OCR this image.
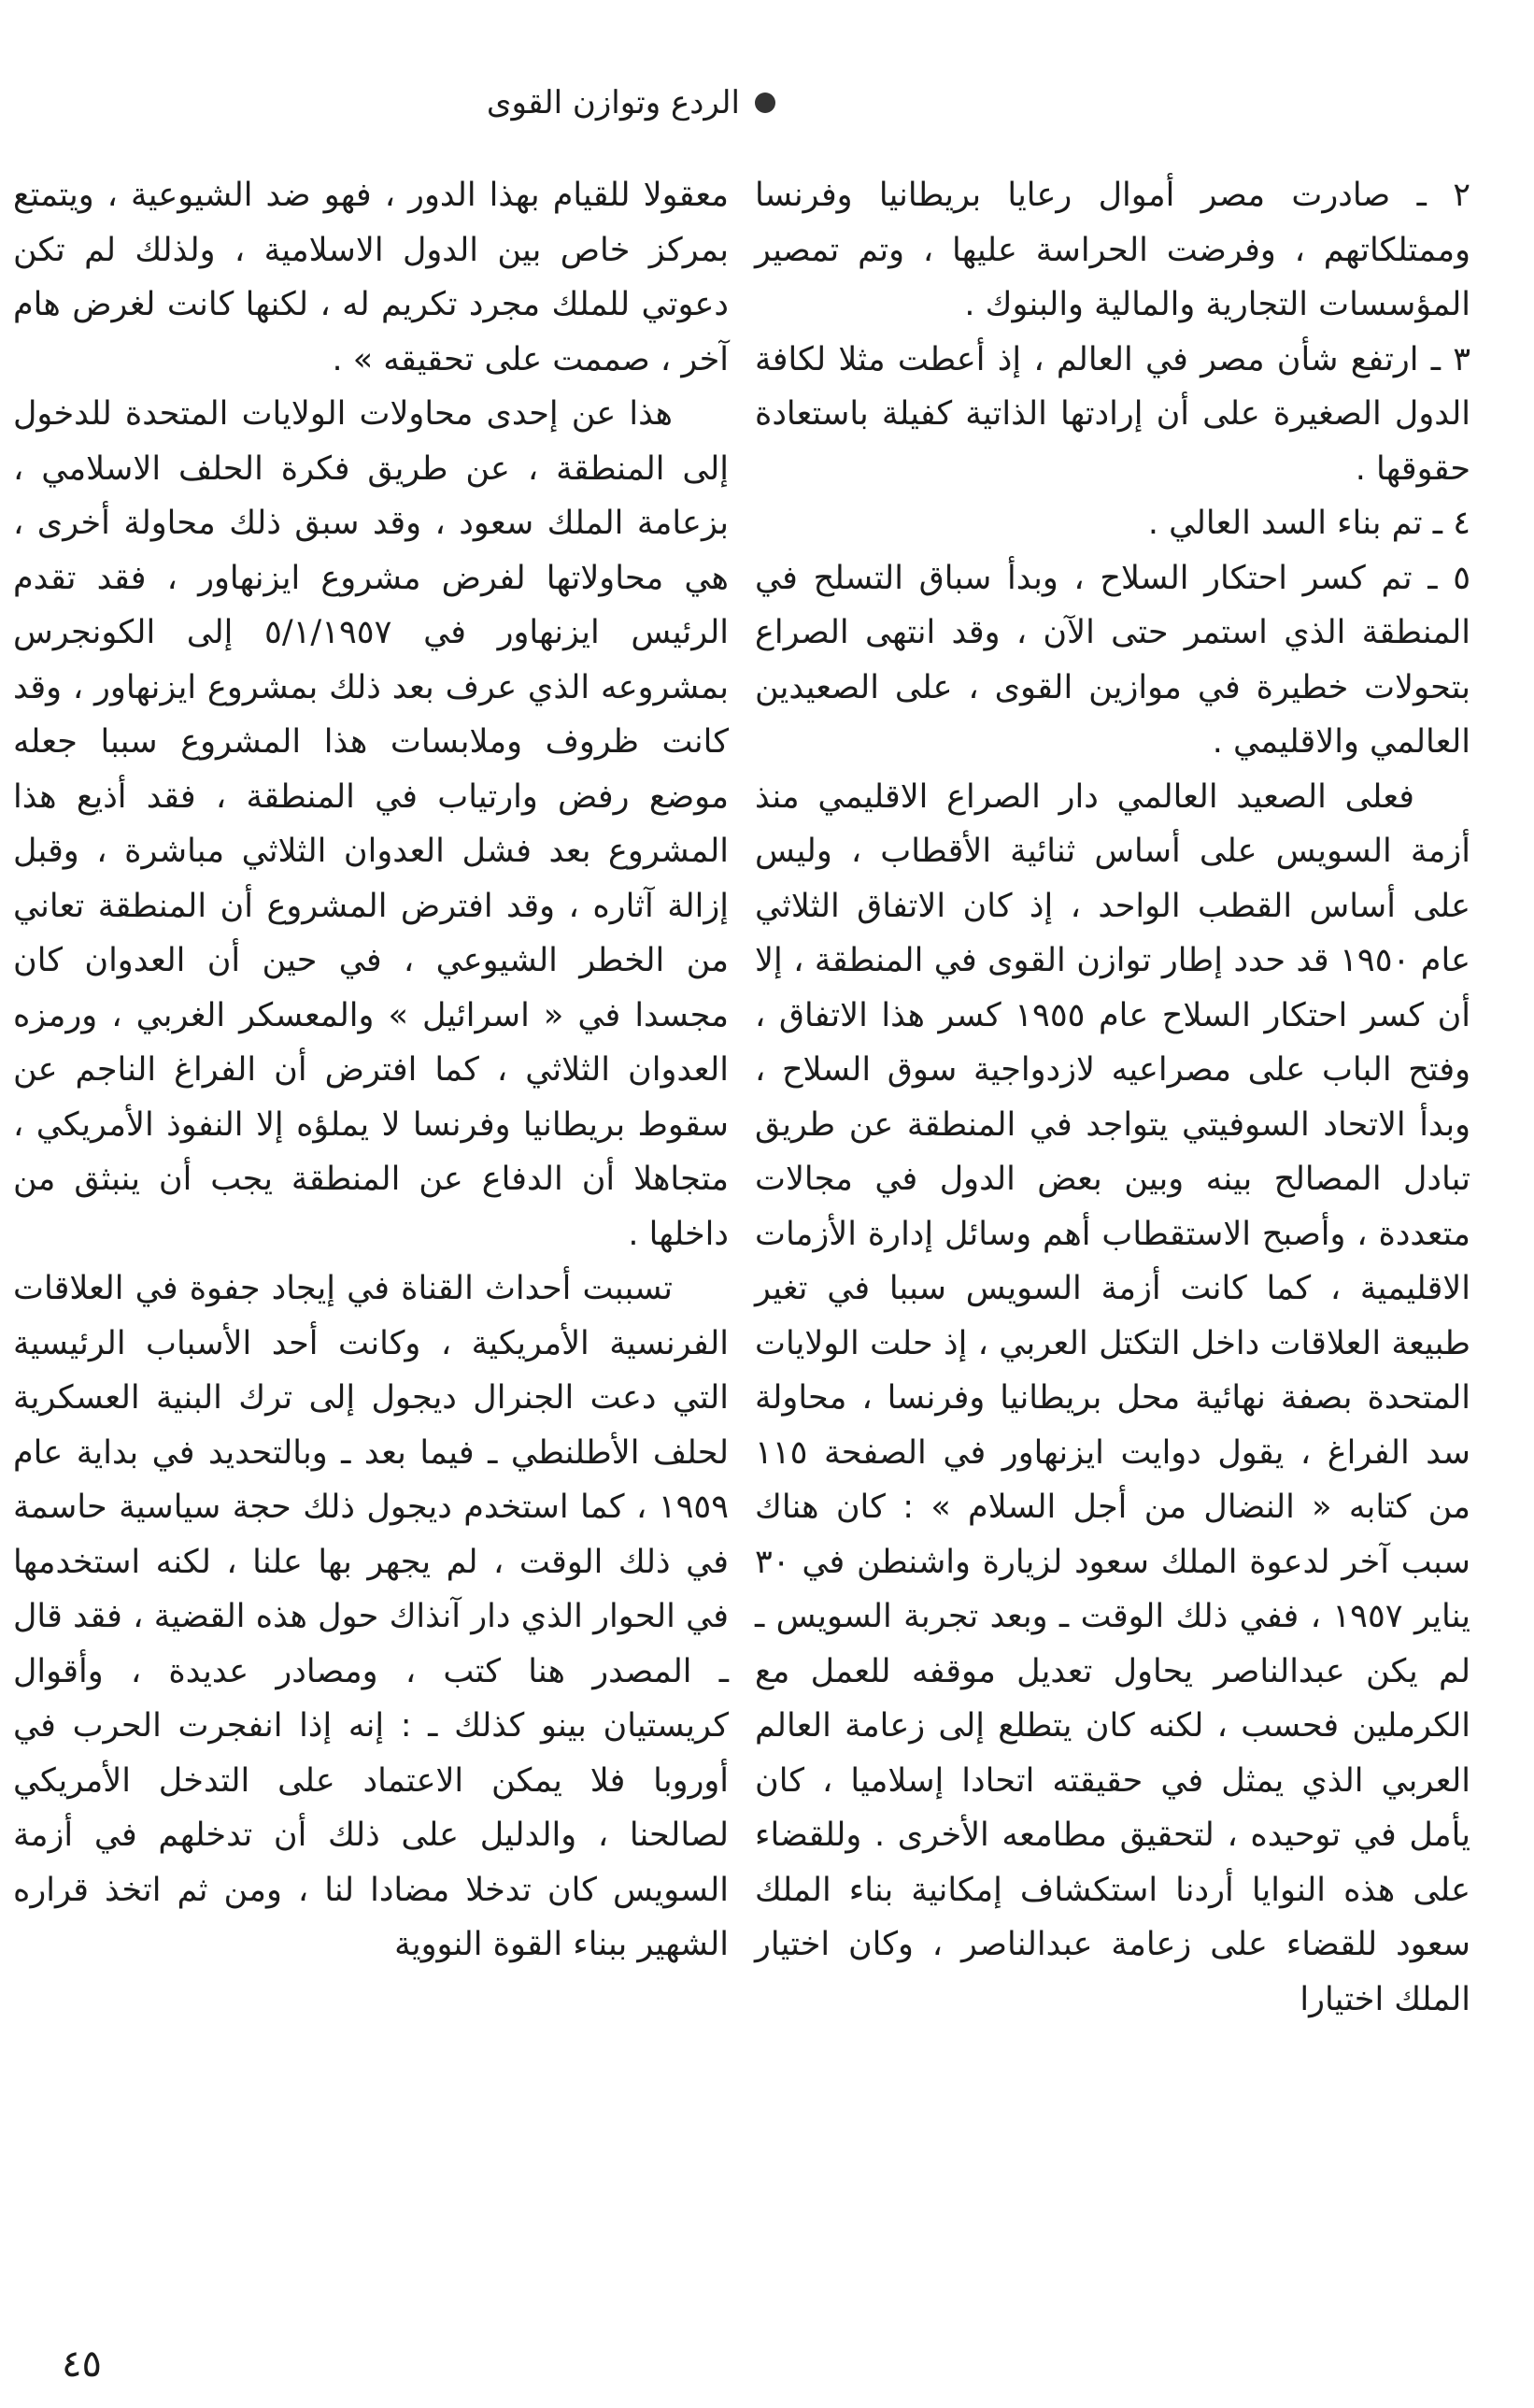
الردع وتوازن القوى

٢ ـ صادرت مصر أموال رعايا بريطانيا وفرنسا وممتلكاتهم ، وفرضت الحراسة عليها ، وتم تمصير المؤسسات التجارية والمالية والبنوك .

٣ ـ ارتفع شأن مصر في العالم ، إذ أعطت مثلا لكافة الدول الصغيرة على أن إرادتها الذاتية كفيلة باستعادة حقوقها .

٤ ـ تم بناء السد العالي .

٥ ـ تم كسر احتكار السلاح ، وبدأ سباق التسلح في المنطقة الذي استمر حتى الآن ، وقد انتهى الصراع بتحولات خطيرة في موازين القوى ، على الصعيدين العالمي والاقليمي .

فعلى الصعيد العالمي دار الصراع الاقليمي منذ أزمة السويس على أساس ثنائية الأقطاب ، وليس على أساس القطب الواحد ، إذ كان الاتفاق الثلاثي عام ١٩٥٠ قد حدد إطار توازن القوى في المنطقة ، إلا أن كسر احتكار السلاح عام ١٩٥٥ كسر هذا الاتفاق ، وفتح الباب على مصراعيه لازدواجية سوق السلاح ، وبدأ الاتحاد السوفيتي يتواجد في المنطقة عن طريق تبادل المصالح بينه وبين بعض الدول في مجالات متعددة ، وأصبح الاستقطاب أهم وسائل إدارة الأزمات الاقليمية ، كما كانت أزمة السويس سببا في تغير طبيعة العلاقات داخل التكتل العربي ، إذ حلت الولايات المتحدة بصفة نهائية محل بريطانيا وفرنسا ، محاولة سد الفراغ ، يقول دوايت ايزنهاور في الصفحة ١١٥ من كتابه « النضال من أجل السلام » : كان هناك سبب آخر لدعوة الملك سعود لزيارة واشنطن في ٣٠ يناير ١٩٥٧ ، ففي ذلك الوقت ـ وبعد تجربة السويس ـ لم يكن عبدالناصر يحاول تعديل موقفه للعمل مع الكرملين فحسب ، لكنه كان يتطلع إلى زعامة العالم العربي الذي يمثل في حقيقته اتحادا إسلاميا ، كان يأمل في توحيده ، لتحقيق مطامعه الأخرى . وللقضاء على هذه النوايا أردنا استكشاف إمكانية بناء الملك سعود للقضاء على زعامة عبدالناصر ، وكان اختيار الملك اختيارا

معقولا للقيام بهذا الدور ، فهو ضد الشيوعية ، ويتمتع بمركز خاص بين الدول الاسلامية ، ولذلك لم تكن دعوتي للملك مجرد تكريم له ، لكنها كانت لغرض هام آخر ، صممت على تحقيقه » .

هذا عن إحدى محاولات الولايات المتحدة للدخول إلى المنطقة ، عن طريق فكرة الحلف الاسلامي ، بزعامة الملك سعود ، وقد سبق ذلك محاولة أخرى ، هي محاولاتها لفرض مشروع ايزنهاور ، فقد تقدم الرئيس ايزنهاور في ٥/١/١٩٥٧ إلى الكونجرس بمشروعه الذي عرف بعد ذلك بمشروع ايزنهاور ، وقد كانت ظروف وملابسات هذا المشروع سببا جعله موضع رفض وارتياب في المنطقة ، فقد أذيع هذا المشروع بعد فشل العدوان الثلاثي مباشرة ، وقبل إزالة آثاره ، وقد افترض المشروع أن المنطقة تعاني من الخطر الشيوعي ، في حين أن العدوان كان مجسدا في « اسرائيل » والمعسكر الغربي ، ورمزه العدوان الثلاثي ، كما افترض أن الفراغ الناجم عن سقوط بريطانيا وفرنسا لا يملؤه إلا النفوذ الأمريكي ، متجاهلا أن الدفاع عن المنطقة يجب أن ينبثق من داخلها .

تسببت أحداث القناة في إيجاد جفوة في العلاقات الفرنسية الأمريكية ، وكانت أحد الأسباب الرئيسية التي دعت الجنرال ديجول إلى ترك البنية العسكرية لحلف الأطلنطي ـ فيما بعد ـ وبالتحديد في بداية عام ١٩٥٩ ، كما استخدم ديجول ذلك حجة سياسية حاسمة في ذلك الوقت ، لم يجهر بها علنا ، لكنه استخدمها في الحوار الذي دار آنذاك حول هذه القضية ، فقد قال ـ المصدر هنا كتب ، ومصادر عديدة ، وأقوال كريستيان بينو كذلك ـ : إنه إذا انفجرت الحرب في أوروبا فلا يمكن الاعتماد على التدخل الأمريكي لصالحنا ، والدليل على ذلك أن تدخلهم في أزمة السويس كان تدخلا مضادا لنا ، ومن ثم اتخذ قراره الشهير ببناء القوة النووية

٤٥
